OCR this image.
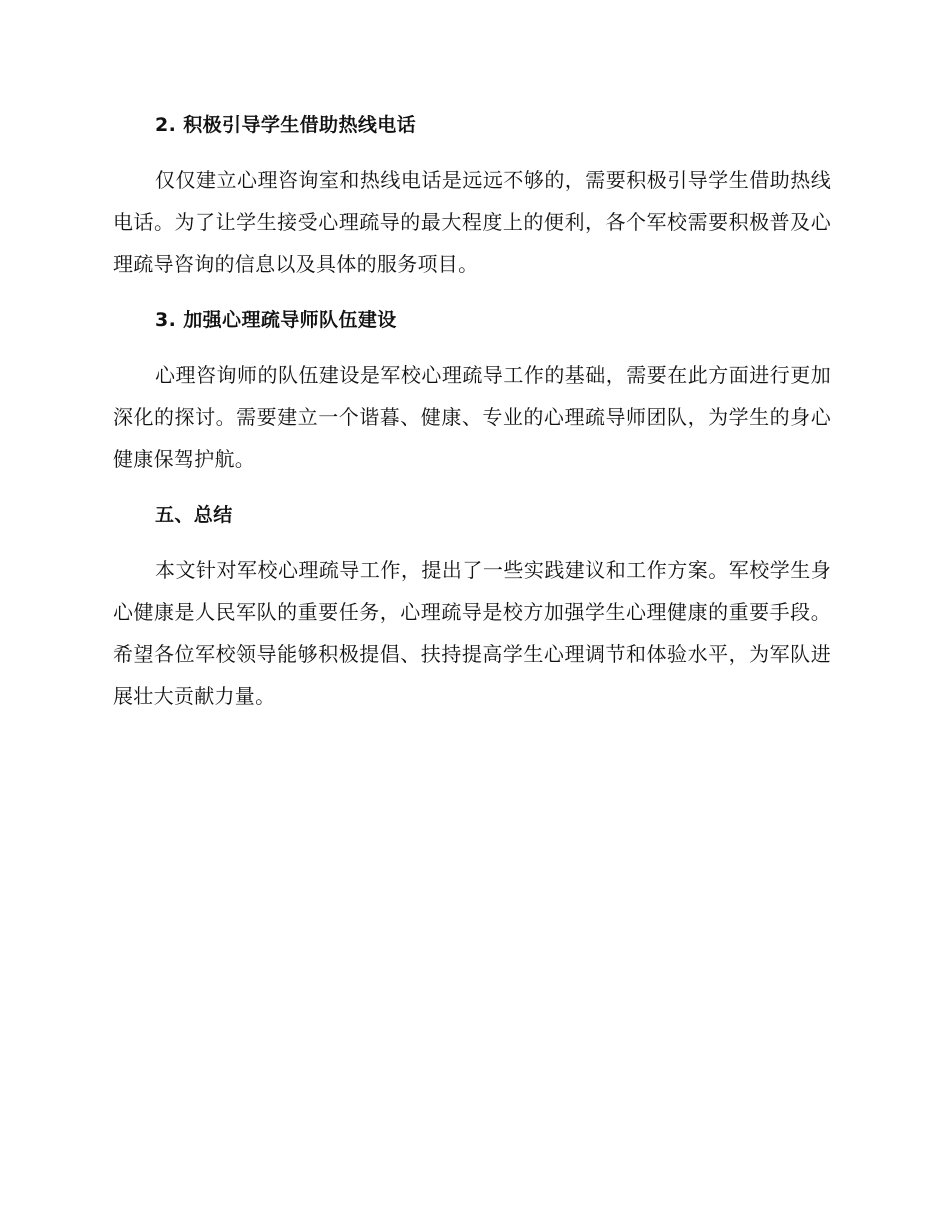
2. 积极引导学生借助热线电话

仅仅建立心理咨询室和热线电话是远远不够的，需要积极引导学生借助热线电话。为了让学生接受心理疏导的最大程度上的便利，各个军校需要积极普及心理疏导咨询的信息以及具体的服务项目。

3. 加强心理疏导师队伍建设

心理咨询师的队伍建设是军校心理疏导工作的基础，需要在此方面进行更加深化的探讨。需要建立一个谐暮、健康、专业的心理疏导师团队，为学生的身心健康保驾护航。

五、总结

本文针对军校心理疏导工作，提出了一些实践建议和工作方案。军校学生身心健康是人民军队的重要任务，心理疏导是校方加强学生心理健康的重要手段。希望各位军校领导能够积极提倡、扶持提高学生心理调节和体验水平，为军队进展壮大贡献力量。
